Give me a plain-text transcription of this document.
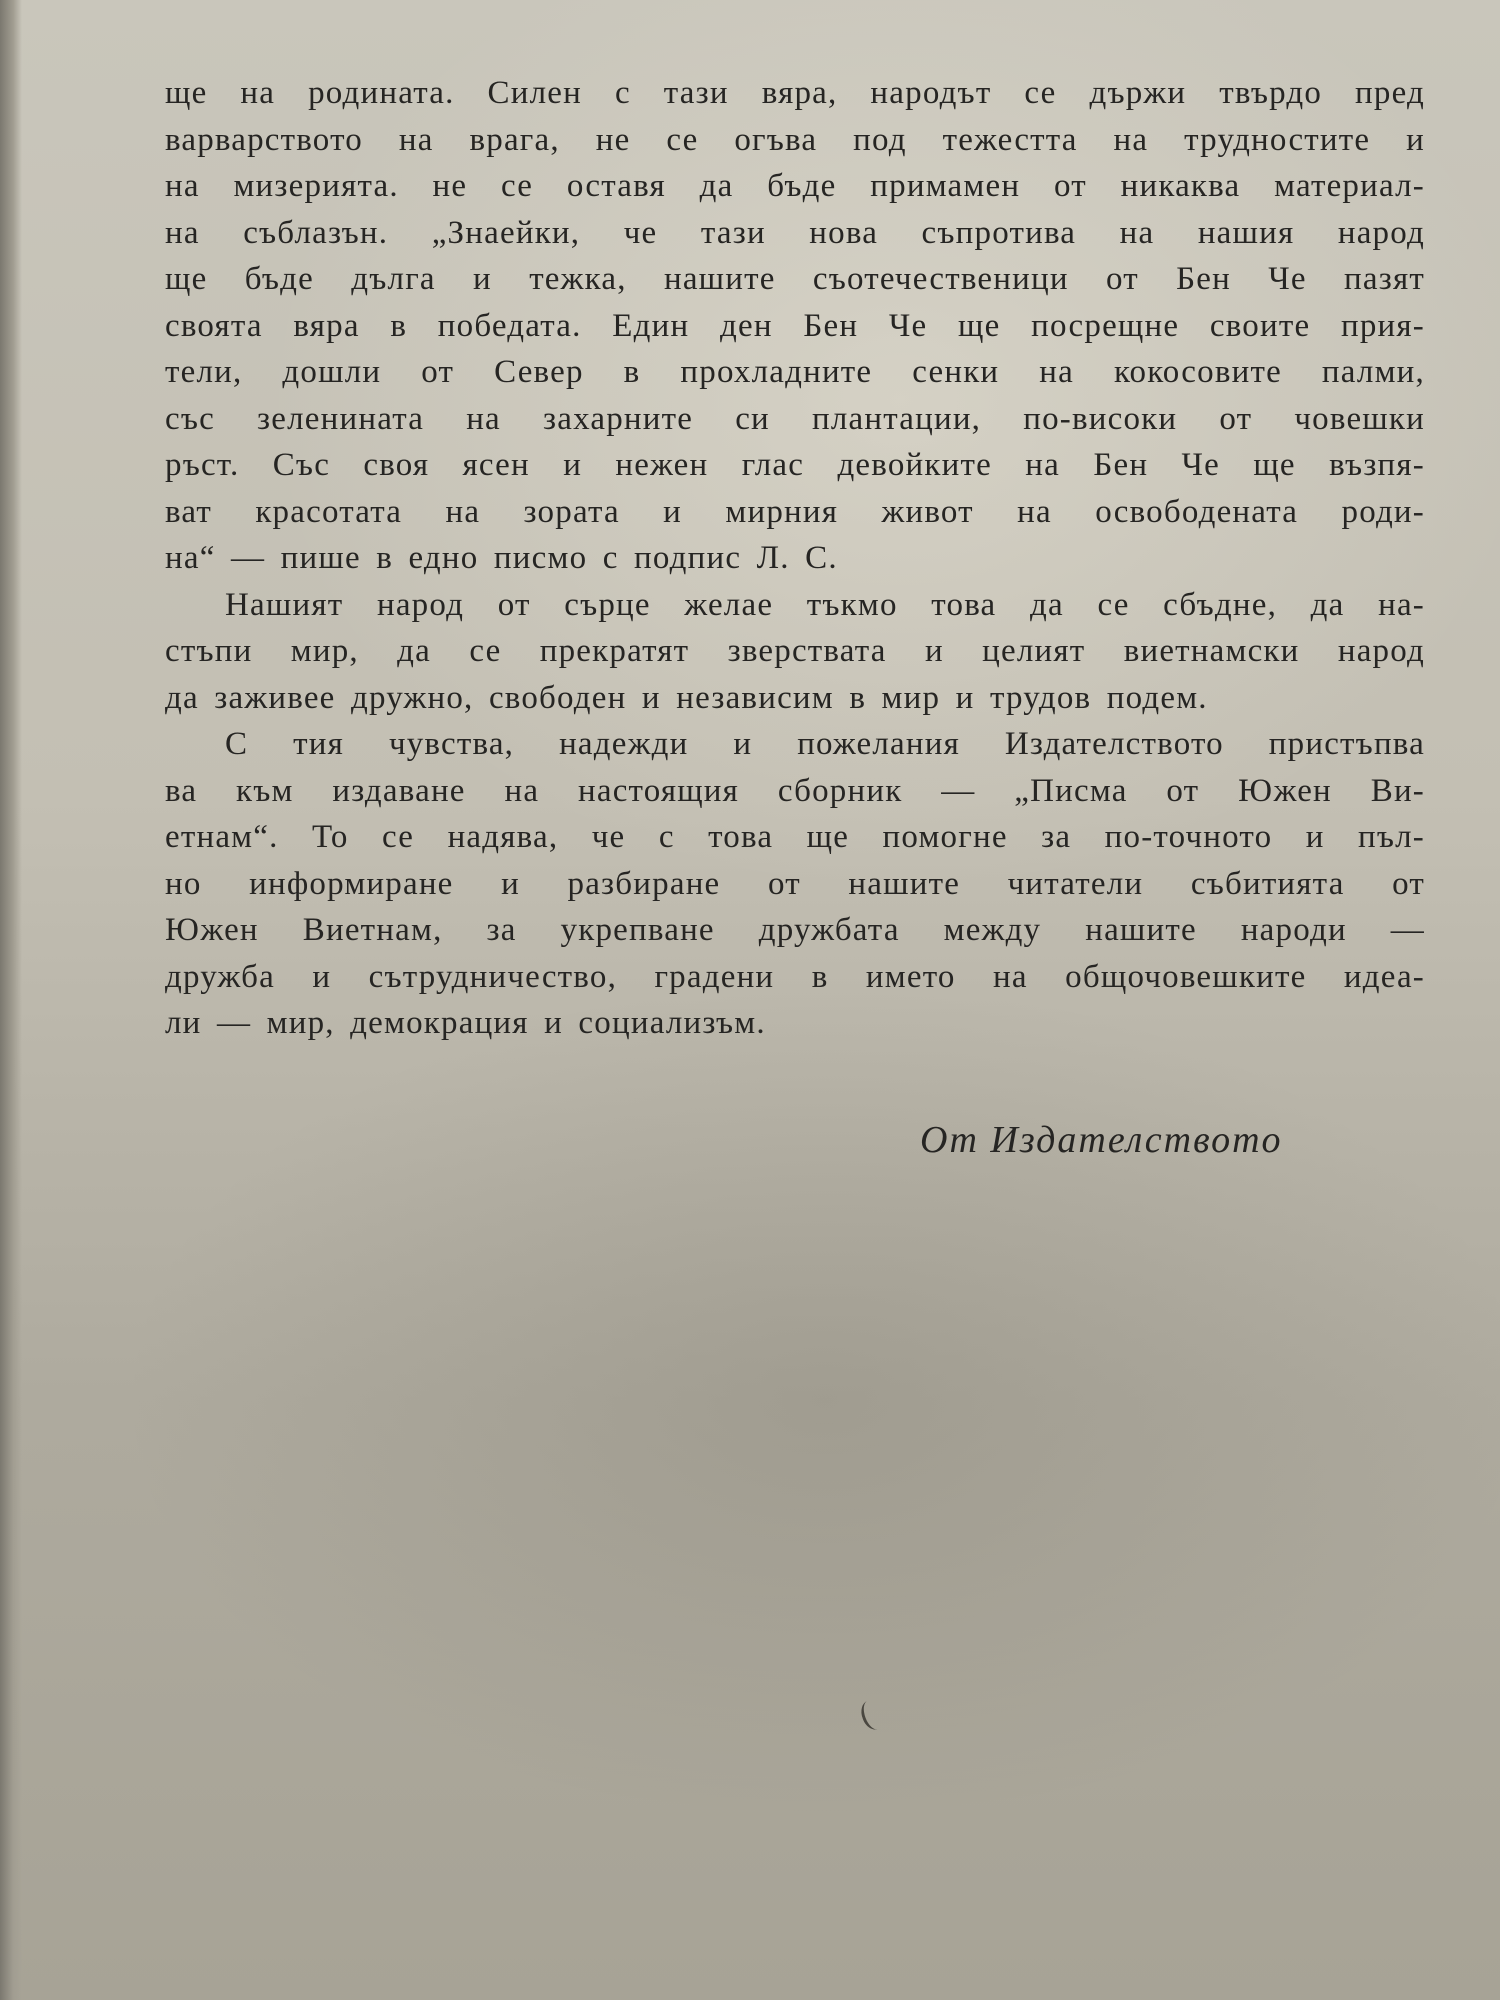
ще на родината. Силен с тази вяра, народът се държи твърдо пред
варварството на врага, не се огъва под тежестта на трудностите и
на мизерията. не се оставя да бъде примамен от никаква материал-
на съблазън. „Знаейки, че тази нова съпротива на нашия народ
ще бъде дълга и тежка, нашите съотечественици от Бен Че пазят
своята вяра в победата. Един ден Бен Че ще посрещне своите прия-
тели, дошли от Север в прохладните сенки на кокосовите палми,
със зеленината на захарните си плантации, по-високи от човешки
ръст. Със своя ясен и нежен глас девойките на Бен Че ще възпя-
ват красотата на зората и мирния живот на освободената роди-
на“ — пише в едно писмо с подпис Л. С.
Нашият народ от сърце желае тъкмо това да се сбъдне, да на-
стъпи мир, да се прекратят зверствата и целият виетнамски народ
да заживее дружно, свободен и независим в мир и трудов подем.
С тия чувства, надежди и пожелания Издателството пристъпва
ва към издаване на настоящия сборник — „Писма от Южен Ви-
етнам“. То се надява, че с това ще помогне за по-точното и пъл-
но информиране и разбиране от нашите читатели събитията от
Южен Виетнам, за укрепване дружбата между нашите народи —
дружба и сътрудничество, градени в името на общочовешките идеа-
ли — мир, демокрация и социализъм.
От Издателството
